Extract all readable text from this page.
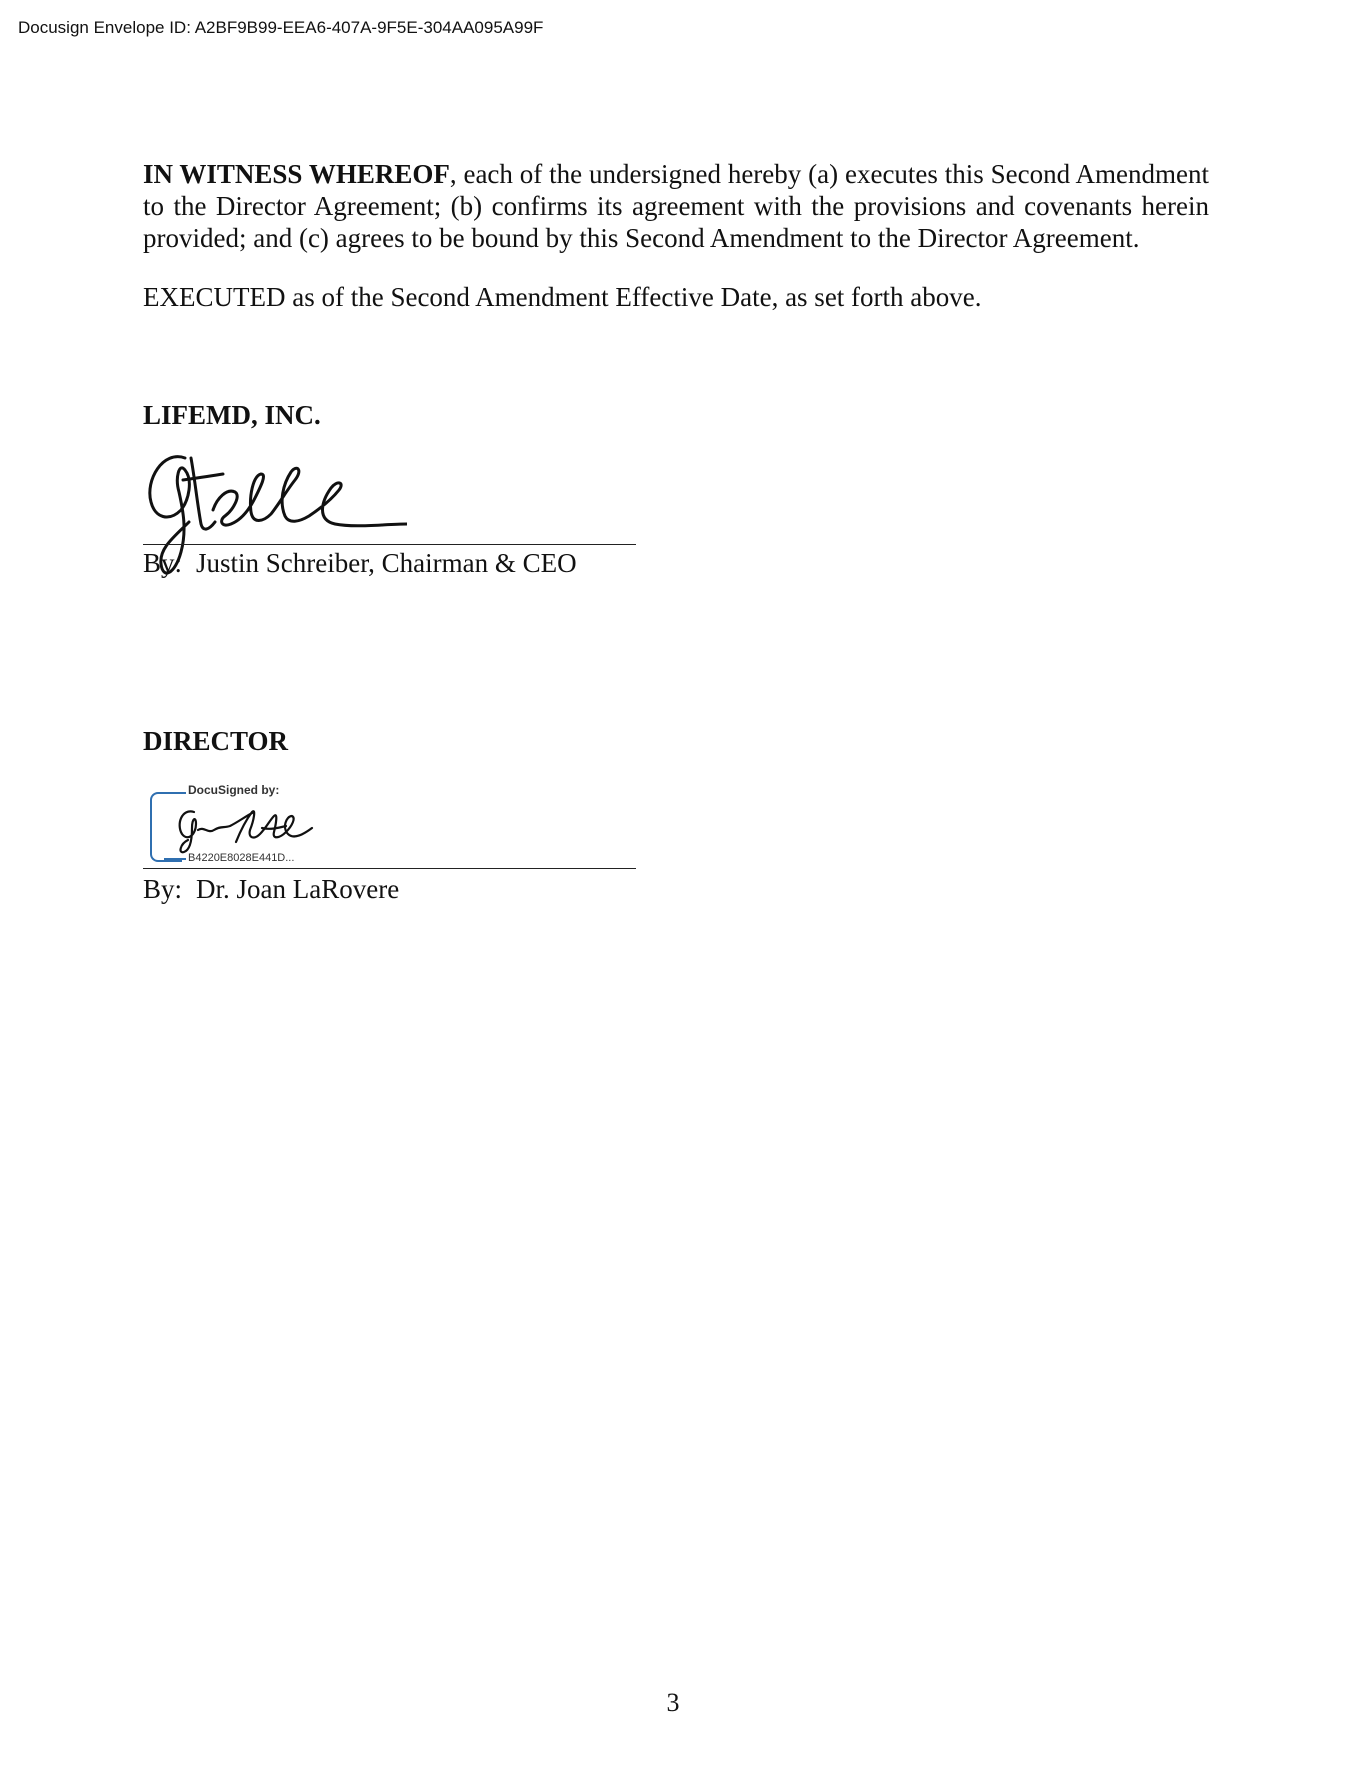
Docusign Envelope ID: A2BF9B99-EEA6-407A-9F5E-304AA095A99F
IN WITNESS WHEREOF, each of the undersigned hereby (a) executes this Second Amendment to the Director Agreement; (b) confirms its agreement with the provisions and covenants herein provided; and (c) agrees to be bound by this Second Amendment to the Director Agreement.
EXECUTED as of the Second Amendment Effective Date, as set forth above.
LIFEMD, INC.
By: Justin Schreiber, Chairman & CEO
DIRECTOR
DocuSigned by:
B4220E8028E441D...
By: Dr. Joan LaRovere
3
